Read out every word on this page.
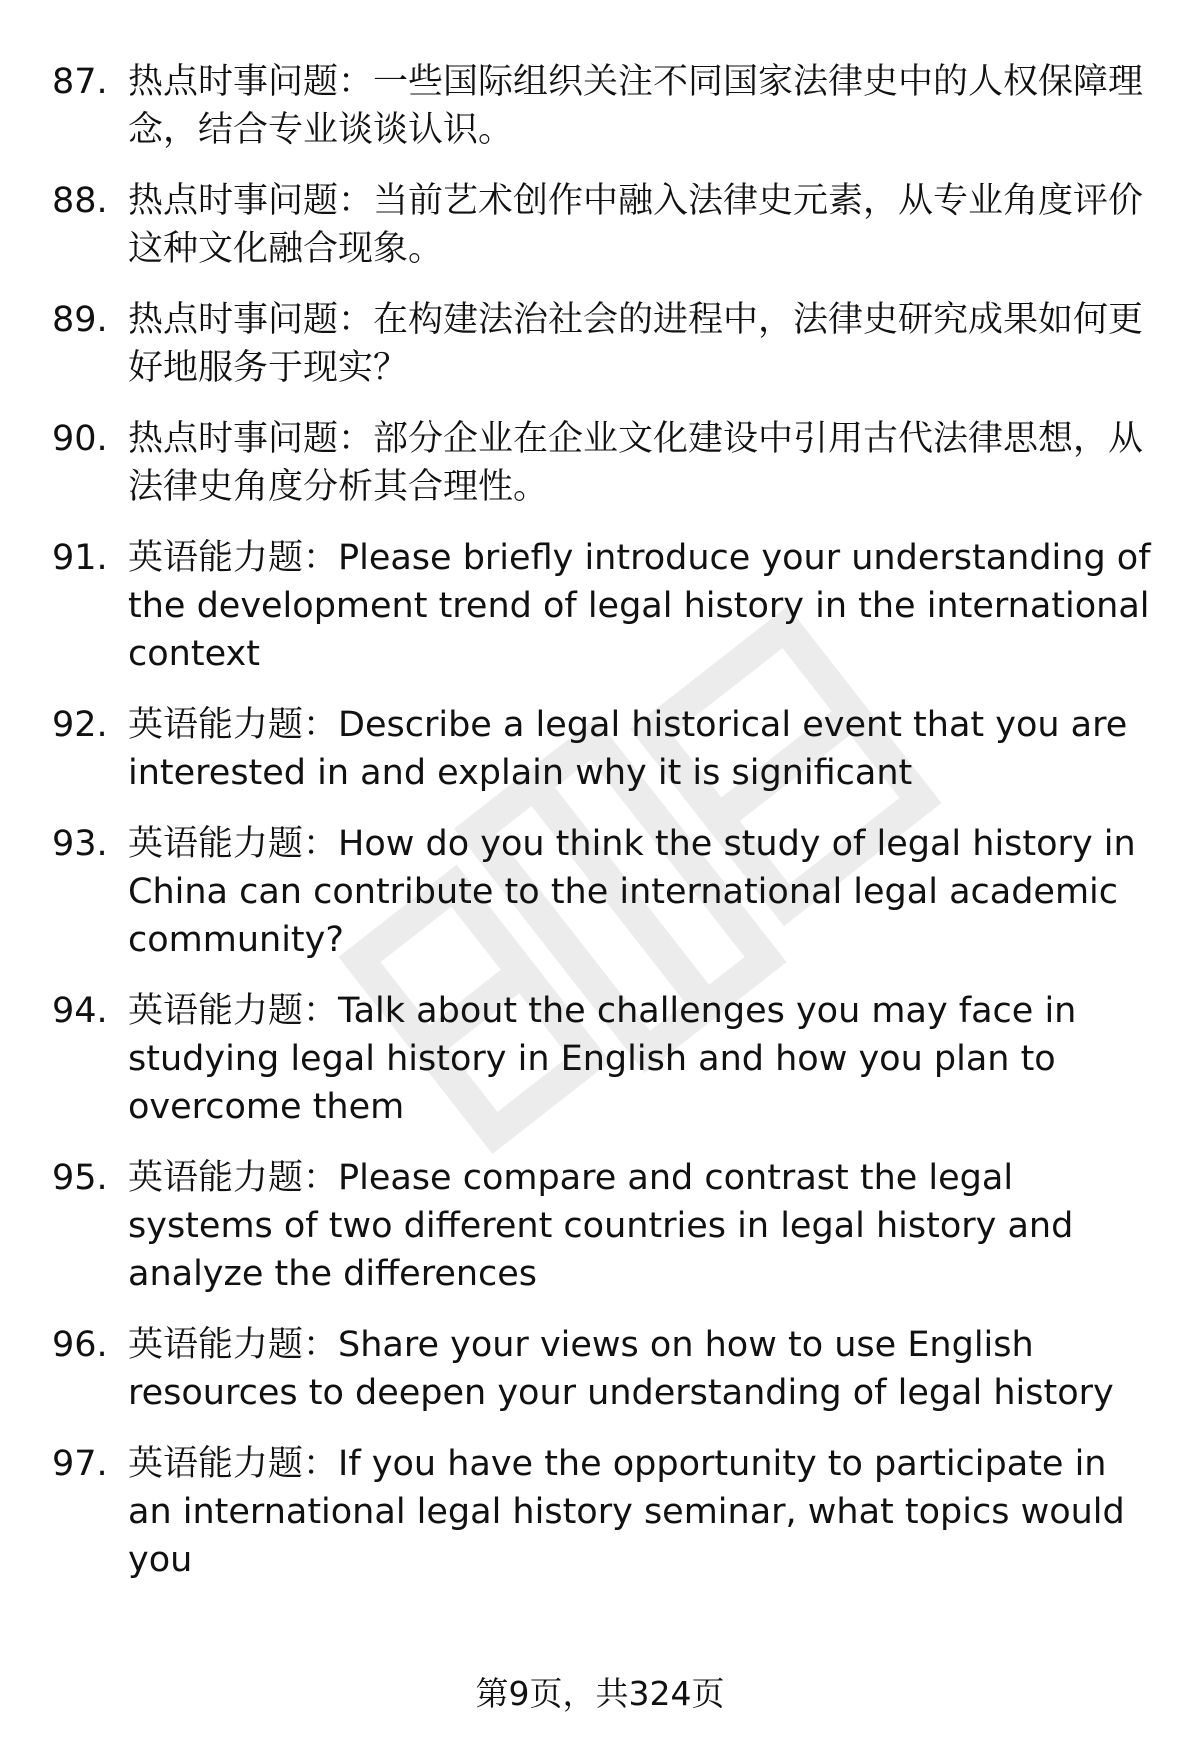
87. 热点时事问题：一些国际组织关注不同国家法律史中的人权保障理念，结合专业谈谈认识。
88. 热点时事问题：当前艺术创作中融入法律史元素，从专业角度评价这种文化融合现象。
89. 热点时事问题：在构建法治社会的进程中，法律史研究成果如何更好地服务于现实？
90. 热点时事问题：部分企业在企业文化建设中引用古代法律思想，从法律史角度分析其合理性。
91. 英语能力题：Please briefly introduce your understanding of the development trend of legal history in the international context
92. 英语能力题：Describe a legal historical event that you are interested in and explain why it is significant
93. 英语能力题：How do you think the study of legal history in China can contribute to the international legal academic community?
94. 英语能力题：Talk about the challenges you may face in studying legal history in English and how you plan to overcome them
95. 英语能力题：Please compare and contrast the legal systems of two different countries in legal history and analyze the differences
96. 英语能力题：Share your views on how to use English resources to deepen your understanding of legal history
97. 英语能力题：If you have the opportunity to participate in an international legal history seminar, what topics would you
第9页，共324页
